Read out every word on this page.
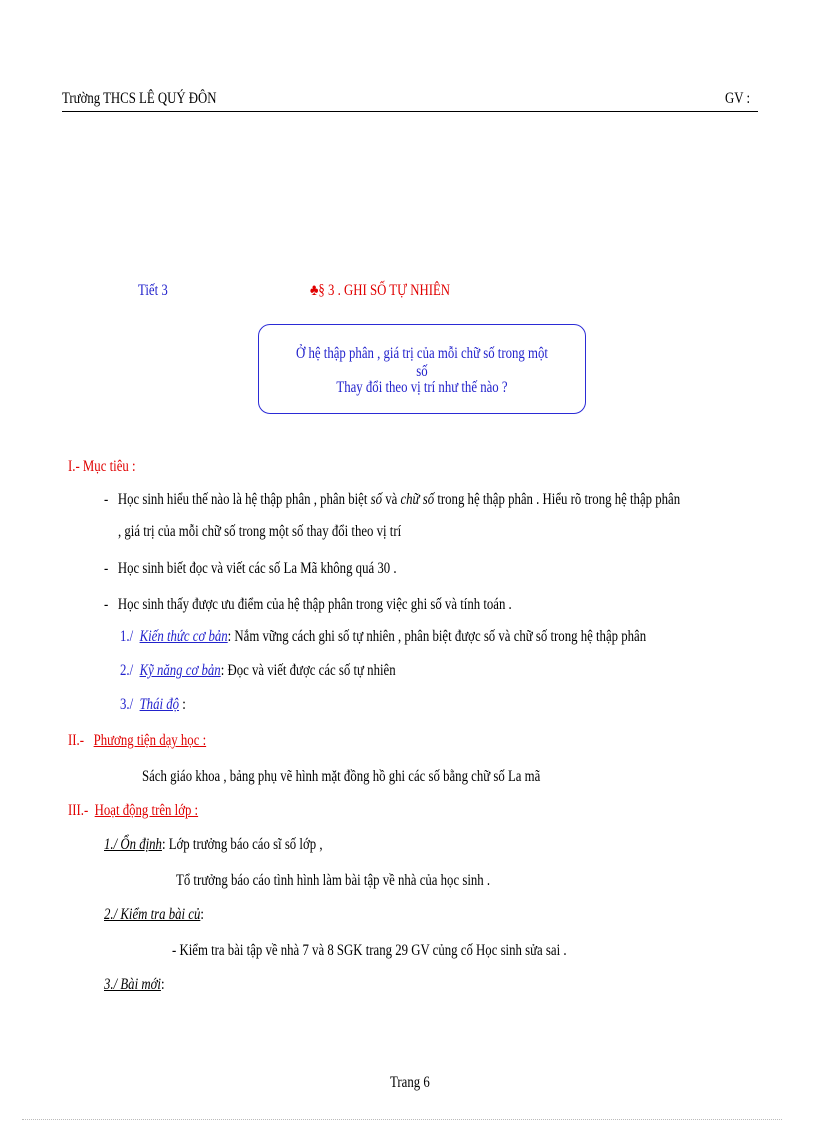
Trường THCS LÊ QUÝ ĐÔN	GV :
Tiết 3	♣§ 3 . GHI SỐ TỰ NHIÊN
Ở hệ thập phân , giá trị của mỗi chữ số trong một số
Thay đổi theo vị trí như thế nào ?
I.- Mục tiêu :
- Học sinh hiểu thế nào là hệ thập phân , phân biệt số và chữ số trong hệ thập phân . Hiểu rõ trong hệ thập phân
, giá trị của mỗi chữ số trong một số thay đổi theo vị trí
- Học sinh biết đọc và viết các số La Mã không quá 30 .
- Học sinh thấy được ưu điểm của hệ thập phân trong việc ghi số và tính toán .
1./ Kiến thức cơ bản: Nắm vững cách ghi số tự nhiên , phân biệt được số và chữ số trong hệ thập phân
2./ Kỹ năng cơ bản: Đọc và viết được các số tự nhiên
3./ Thái độ :
II.- Phương tiện dạy học :
Sách giáo khoa , bảng phụ vẽ hình mặt đồng hồ ghi các số bằng chữ số La mã
III.- Hoạt động trên lớp :
1./ Ổn định: Lớp trưởng báo cáo sĩ số lớp ,
Tổ trưởng báo cáo tình hình làm bài tập về nhà của học sinh .
2./ Kiểm tra bài củ:
- Kiểm tra bài tập về nhà 7 và 8 SGK trang 29 GV củng cố Học sinh sửa sai .
3./ Bài mới:
Trang 6
